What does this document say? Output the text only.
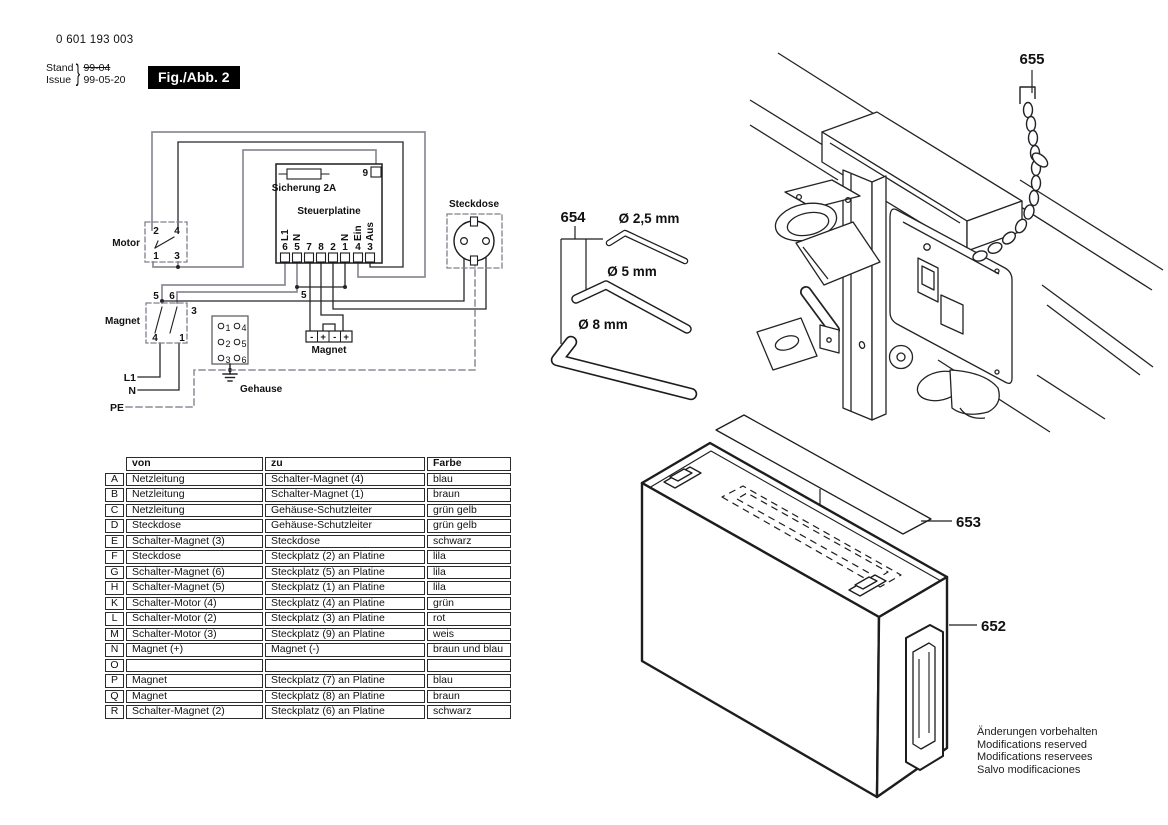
9
Sicherung 2A
Steuerplatine
6 5 7 8 2 1 4 3
L1 N	N Ein Aus
2 4
1 3
Motor
5 6
3
4 1
Magnet
1 4
2 5
3 6
Gehause
Steckdose
- + - +
Magnet
L1
N
PE
5
654 Ø 2,5 mm
Ø 5 mm
Ø 8 mm
655
653
652
0 601 193 003
Stand
Issue } 99-04
99-05-20	Fig./Abb. 2
	von	zu	Farbe
A	Netzleitung	Schalter-Magnet (4)	blau
B	Netzleitung	Schalter-Magnet (1)	braun
C	Netzleitung	Gehäuse-Schutzleiter	grün gelb
D	Steckdose	Gehäuse-Schutzleiter	grün gelb
E	Schalter-Magnet (3)	Steckdose	schwarz
F	Steckdose	Steckplatz (2) an Platine	lila
G	Schalter-Magnet (6)	Steckplatz (5) an Platine	lila
H	Schalter-Magnet (5)	Steckplatz (1) an Platine	lila
K	Schalter-Motor (4)	Steckplatz (4) an Platine	grün
L	Schalter-Motor (2)	Steckplatz (3) an Platine	rot
M	Schalter-Motor (3)	Steckplatz (9) an Platine	weis
N	Magnet (+)	Magnet (-)	braun und blau
O			
P	Magnet	Steckplatz (7) an Platine	blau
Q	Magnet	Steckplatz (8) an Platine	braun
R	Schalter-Magnet (2)	Steckplatz (6) an Platine	schwarz
Änderungen vorbehalten
Modifications reserved
Modifications reservees
Salvo modificaciones
